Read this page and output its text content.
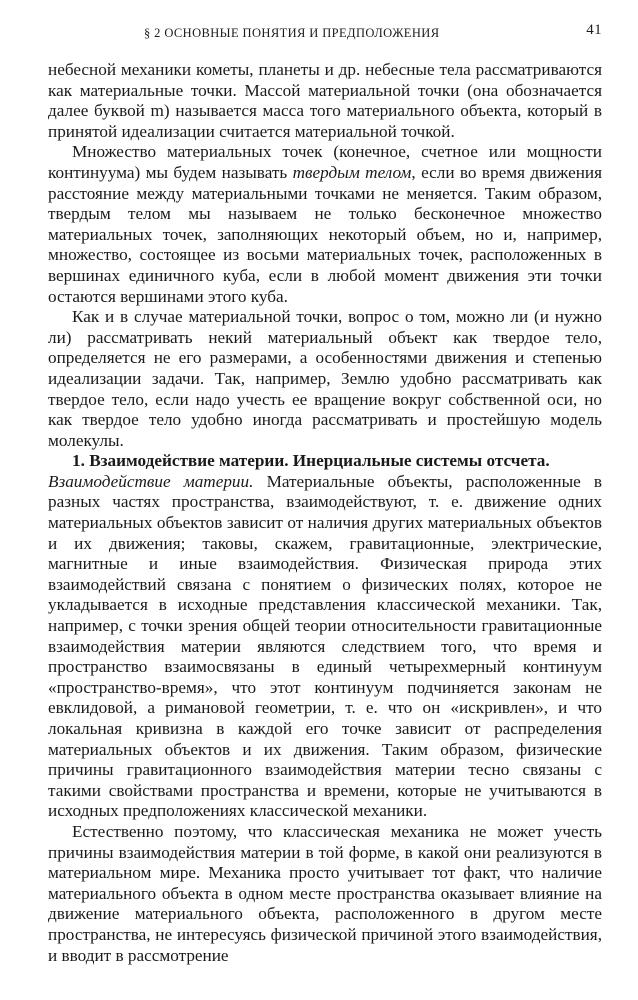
§ 2 ОСНОВНЫЕ ПОНЯТИЯ И ПРЕДПОЛОЖЕНИЯ	41

небесной механики кометы, планеты и др. небесные тела рассматриваются как материальные точки. Массой материальной точки (она обозначается далее буквой m) называется масса того материального объекта, который в принятой идеализации считается материальной точкой.

Множество материальных точек (конечное, счетное или мощности континуума) мы будем называть твердым телом, если во время движения расстояние между материальными точками не меняется. Таким образом, твердым телом мы называем не только бесконечное множество материальных точек, заполняющих некоторый объем, но и, например, множество, состоящее из восьми материальных точек, расположенных в вершинах единичного куба, если в любой момент движения эти точки остаются вершинами этого куба.

Как и в случае материальной точки, вопрос о том, можно ли (и нужно ли) рассматривать некий материальный объект как твердое тело, определяется не его размерами, а особенностями движения и степенью идеализации задачи. Так, например, Землю удобно рассматривать как твердое тело, если надо учесть ее вращение вокруг собственной оси, но как твердое тело удобно иногда рассматривать и простейшую модель молекулы.

1. Взаимодействие материи. Инерциальные системы отсчета.

Взаимодействие материи. Материальные объекты, расположенные в разных частях пространства, взаимодействуют, т. е. движение одних материальных объектов зависит от наличия других материальных объектов и их движения; таковы, скажем, гравитационные, электрические, магнитные и иные взаимодействия. Физическая природа этих взаимодействий связана с понятием о физических полях, которое не укладывается в исходные представления классической механики. Так, например, с точки зрения общей теории относительности гравитационные взаимодействия материи являются следствием того, что время и пространство взаимосвязаны в единый четырехмерный континуум «пространство-время», что этот континуум подчиняется законам не евклидовой, а римановой геометрии, т. е. что он «искривлен», и что локальная кривизна в каждой его точке зависит от распределения материальных объектов и их движения. Таким образом, физические причины гравитационного взаимодействия материи тесно связаны с такими свойствами пространства и времени, которые не учитываются в исходных предположениях классической механики.

Естественно поэтому, что классическая механика не может учесть причины взаимодействия материи в той форме, в какой они реализуются в материальном мире. Механика просто учитывает тот факт, что наличие материального объекта в одном месте пространства оказывает влияние на движение материального объекта, расположенного в другом месте пространства, не интересуясь физической причиной этого взаимодействия, и вводит в рассмотрение
